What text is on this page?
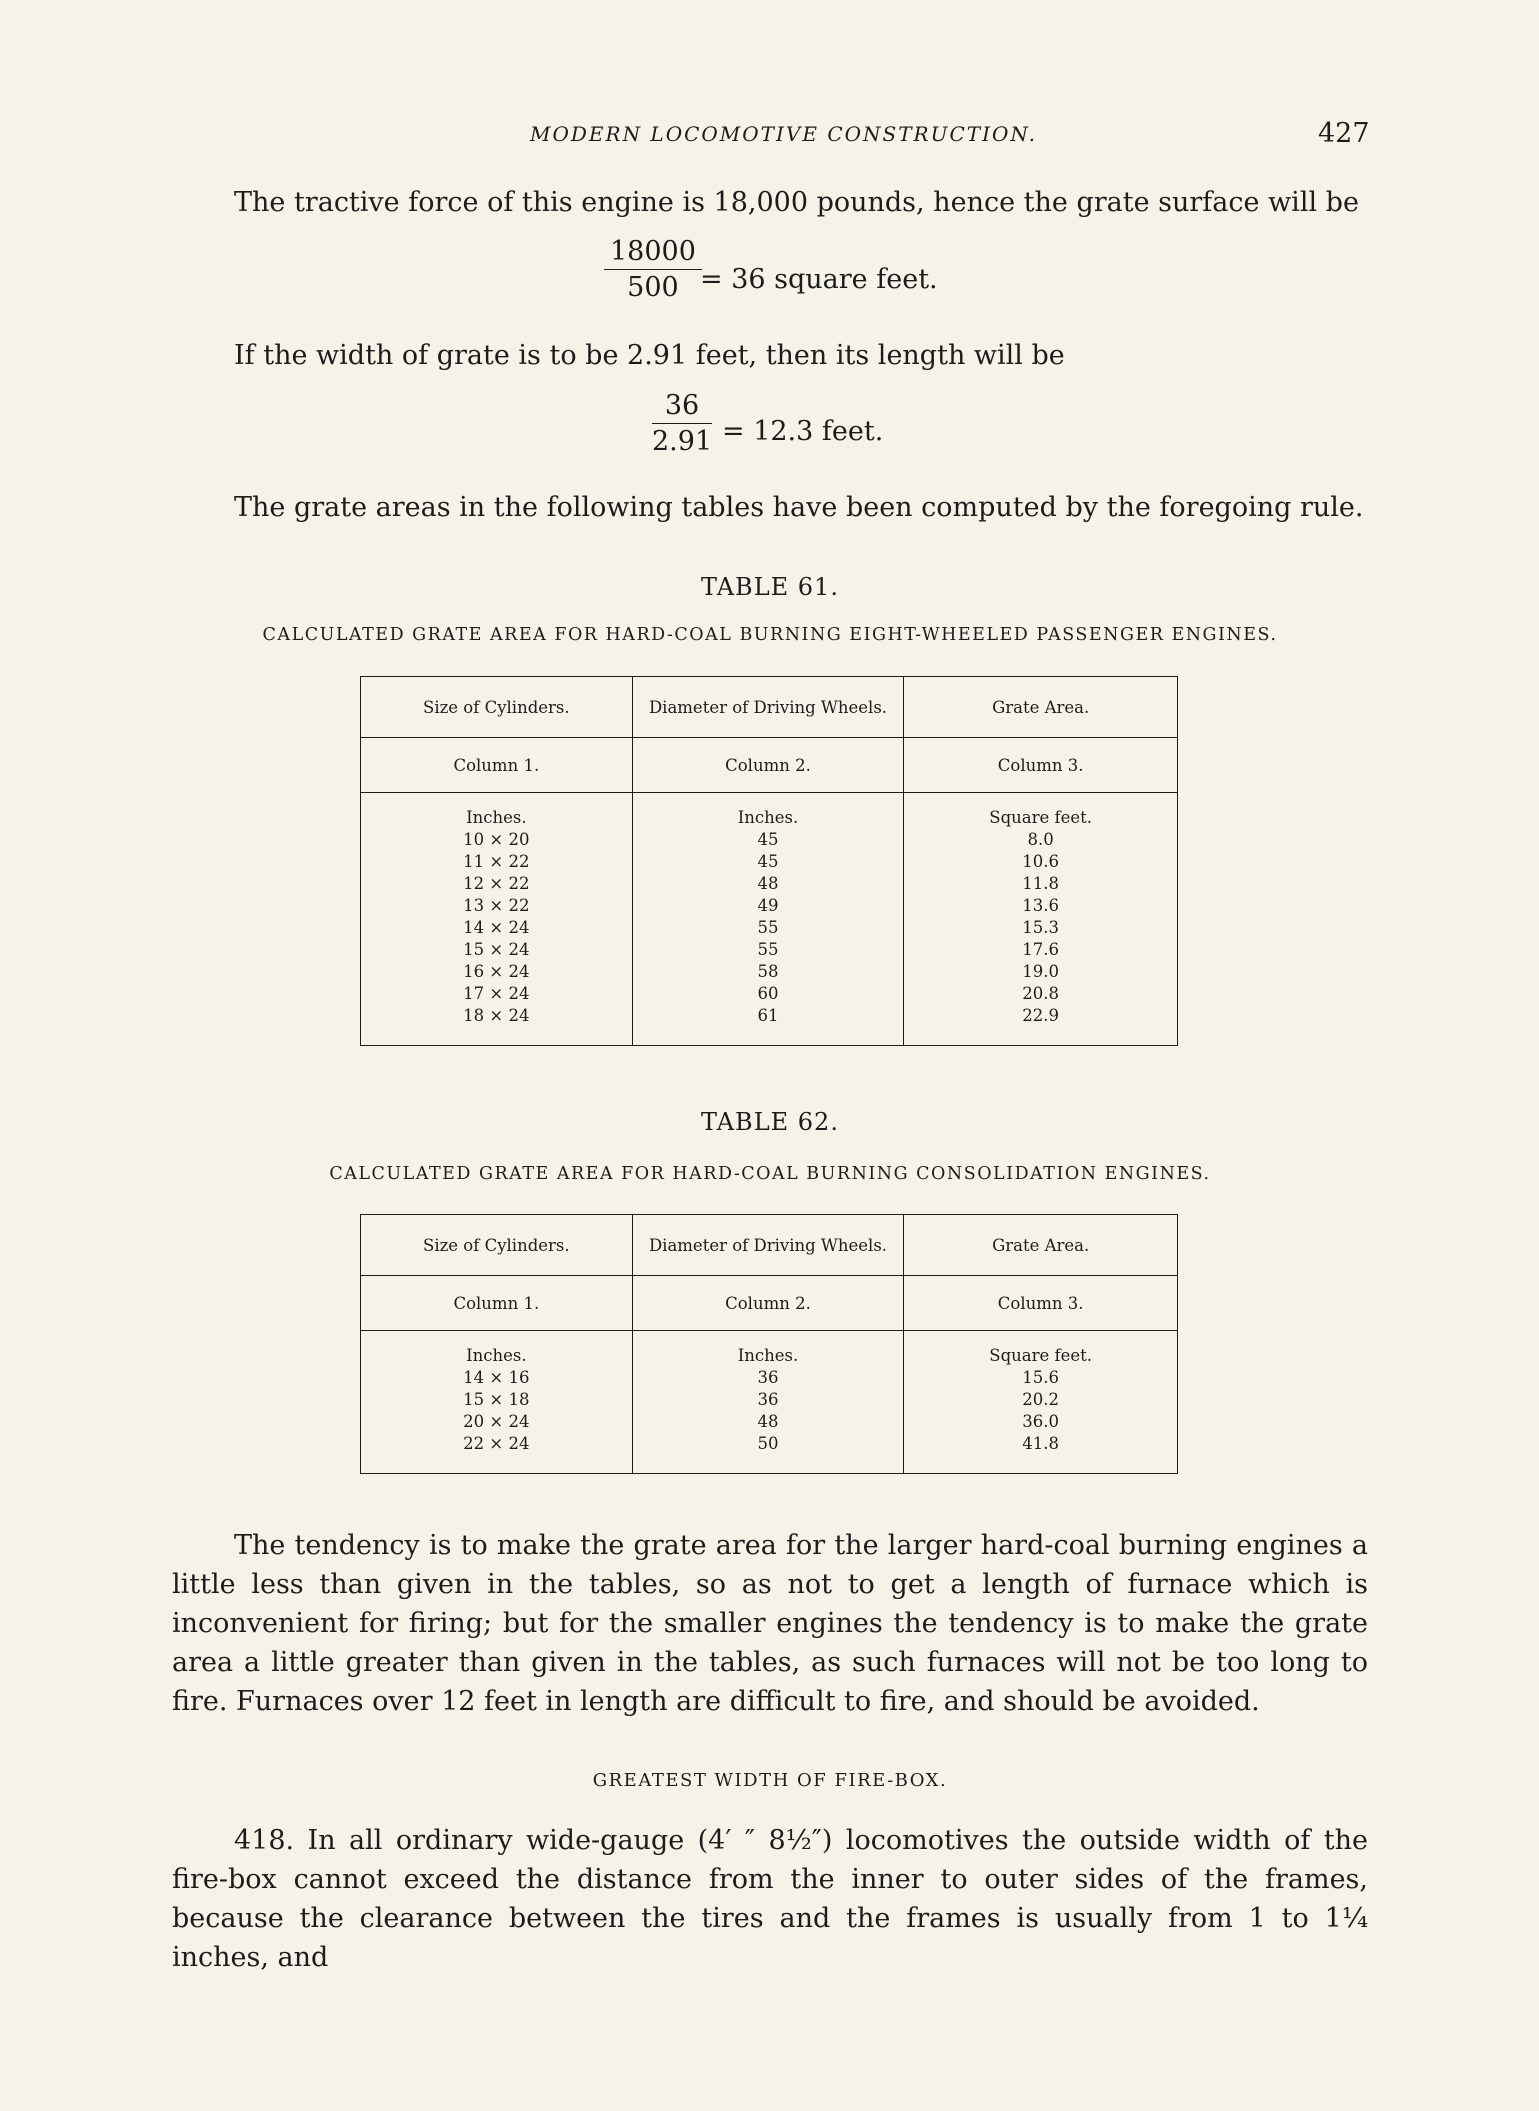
MODERN LOCOMOTIVE CONSTRUCTION.	427
The tractive force of this engine is 18,000 pounds, hence the grate surface will be
$\frac{18000}{500}$
= 36 square feet.
If the width of grate is to be 2.91 feet, then its length will be
$\frac{36}{2.91} = 12.3$ feet.
The grate areas in the following tables have been computed by the foregoing rule.
TABLE 61.
CALCULATED GRATE AREA FOR HARD-COAL BURNING EIGHT-WHEELED PASSENGER ENGINES.
Size of Cylinders.	Diameter of Driving Wheels.	Grate Area.
Column 1.	Column 2.	Column 3.
Inches.	Inches.	Square feet.
10 × 20	45	8.0
11 × 22	45	10.6
12 × 22	48	11.8
13 × 22	49	13.6
14 × 24	55	15.3
15 × 24	55	17.6
16 × 24	58	19.0
17 × 24	60	20.8
18 × 24	61	22.9
TABLE 62.
CALCULATED GRATE AREA FOR HARD-COAL BURNING CONSOLIDATION ENGINES.
Size of Cylinders.	Diameter of Driving Wheels.	Grate Area.
Column 1.	Column 2.	Column 3.
Inches.	Inches.	Square feet.
14 × 16	36	15.6
15 × 18	36	20.2
20 × 24	48	36.0
22 × 24	50	41.8
The tendency is to make the grate area for the larger hard-coal burning engines a little less than given in the tables, so as not to get a length of furnace which is inconvenient for firing; but for the smaller engines the tendency is to make the grate area a little greater than given in the tables, as such furnaces will not be too long to fire. Furnaces over 12 feet in length are difficult to fire, and should be avoided.
GREATEST WIDTH OF FIRE-BOX.
418. In all ordinary wide-gauge (4′ ″ 8½″) locomotives the outside width of the fire-box cannot exceed the distance from the inner to outer sides of the frames, because the clearance between the tires and the frames is usually from 1 to 1¼ inches, and
